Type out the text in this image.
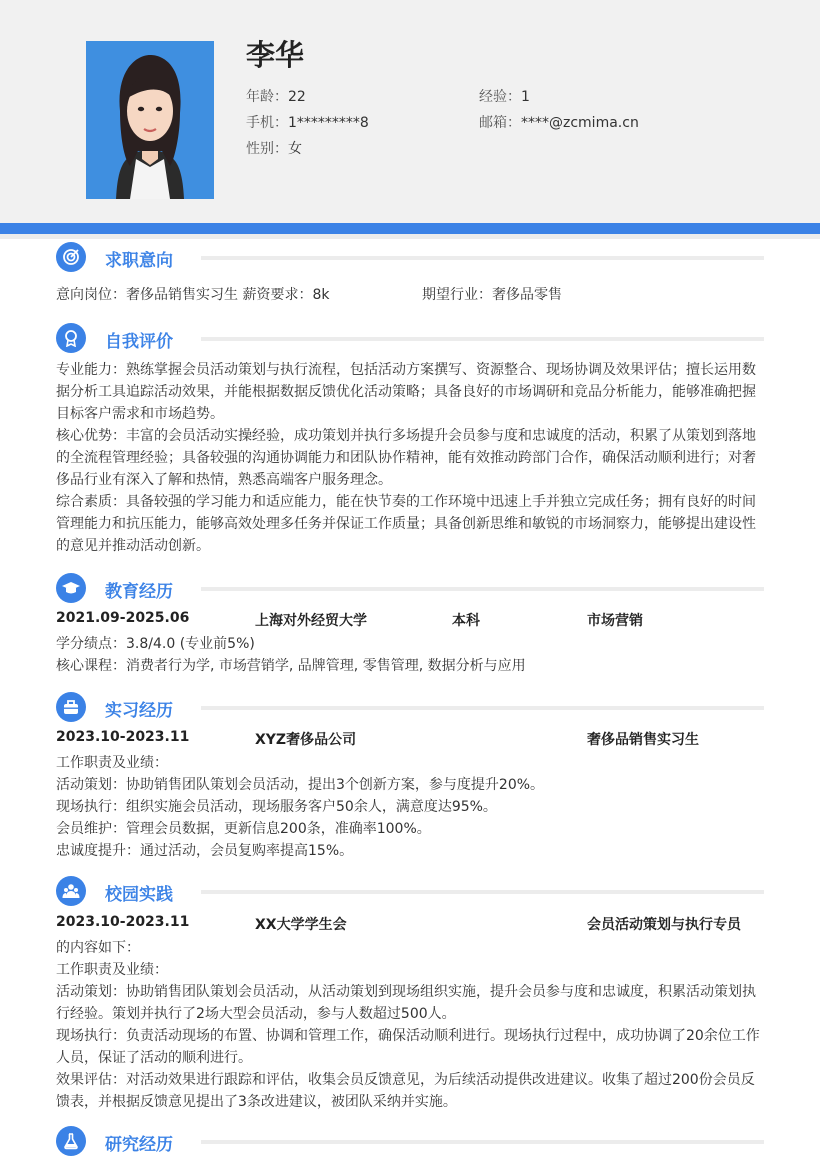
李华
年龄：22	经验：1
手机：1*********8	邮箱：****@zcmima.cn
性别：女
求职意向
意向岗位：奢侈品销售实习生 薪资要求：8k	期望行业：奢侈品零售
自我评价
专业能力：熟练掌握会员活动策划与执行流程，包括活动方案撰写、资源整合、现场协调及效果评估；擅长运用数
据分析工具追踪活动效果，并能根据数据反馈优化活动策略；具备良好的市场调研和竞品分析能力，能够准确把握
目标客户需求和市场趋势。
核心优势：丰富的会员活动实操经验，成功策划并执行多场提升会员参与度和忠诚度的活动，积累了从策划到落地
的全流程管理经验；具备较强的沟通协调能力和团队协作精神，能有效推动跨部门合作，确保活动顺利进行；对奢
侈品行业有深入了解和热情，熟悉高端客户服务理念。
综合素质：具备较强的学习能力和适应能力，能在快节奏的工作环境中迅速上手并独立完成任务；拥有良好的时间
管理能力和抗压能力，能够高效处理多任务并保证工作质量；具备创新思维和敏锐的市场洞察力，能够提出建设性
的意见并推动活动创新。
教育经历
2021.09-2025.06	上海对外经贸大学	本科	市场营销
学分绩点：3.8/4.0 (专业前5%)
核心课程：消费者行为学, 市场营销学, 品牌管理, 零售管理, 数据分析与应用
实习经历
2023.10-2023.11	XYZ奢侈品公司	奢侈品销售实习生
工作职责及业绩：
活动策划：协助销售团队策划会员活动，提出3个创新方案，参与度提升20%。
现场执行：组织实施会员活动，现场服务客户50余人，满意度达95%。
会员维护：管理会员数据，更新信息200条，准确率100%。
忠诚度提升：通过活动，会员复购率提高15%。
校园实践
2023.10-2023.11	XX大学学生会	会员活动策划与执行专员
的内容如下：
工作职责及业绩：
活动策划：协助销售团队策划会员活动，从活动策划到现场组织实施，提升会员参与度和忠诚度，积累活动策划执
行经验。策划并执行了2场大型会员活动，参与人数超过500人。
现场执行：负责活动现场的布置、协调和管理工作，确保活动顺利进行。现场执行过程中，成功协调了20余位工作
人员，保证了活动的顺利进行。
效果评估：对活动效果进行跟踪和评估，收集会员反馈意见，为后续活动提供改进建议。收集了超过200份会员反
馈表，并根据反馈意见提出了3条改进建议，被团队采纳并实施。
研究经历
